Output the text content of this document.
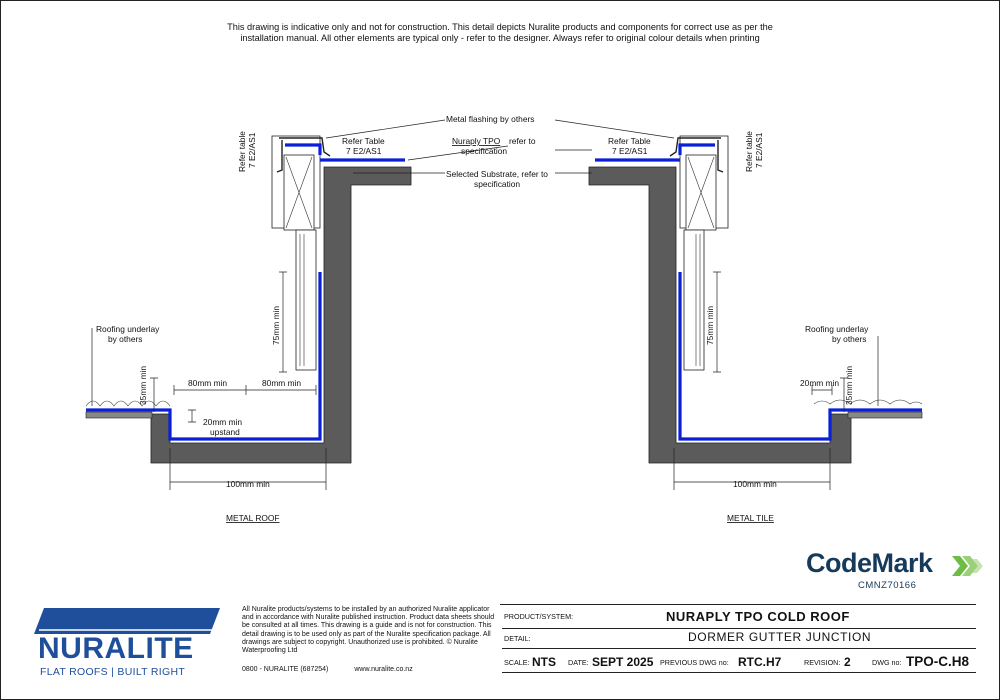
This drawing is indicative only and not for construction. This detail depicts Nuralite products and components for correct use as per the installation manual. All other elements are typical only - refer to the designer. Always refer to original colour details when printing
Metal flashing by others
Nuraply TPO refer to
specification
Selected Substrate, refer to
specification
Refer Table
7 E2/AS1
Refer Table
7 E2/AS1
Refer table 7 E2/AS1	Refer table 7 E2/AS1
Roofing underlay
by others
Roofing underlay
by others
75mm min	75mm min
80mm min	80mm min
35mm min	35mm min
20mm min
upstand
20mm min
100mm min	100mm min
METAL ROOF	METAL TILE
CodeMark
CMNZ70166
NURALITE
FLAT ROOFS | BUILT RIGHT
All Nuralite products/systems to be installed by an authorized Nuralite applicator and in accordance with Nuralite published instruction. Product data sheets should be consulted at all times. This drawing is a guide and is not for construction. This detail drawing is to be used only as part of the Nuralite specification package. All drawings are subject to copyright. Unauthorized use is prohibited. © Nuralite Waterproofing Ltd
0800 - NURALITE (687254)	www.nuralite.co.nz
PRODUCT/SYSTEM:	NURAPLY TPO COLD ROOF
DETAIL:	DORMER GUTTER JUNCTION
SCALE: NTS DATE: SEPT 2025 PREVIOUS DWG no: RTC.H7	REVISION: 2	DWG no: TPO-C.H8
